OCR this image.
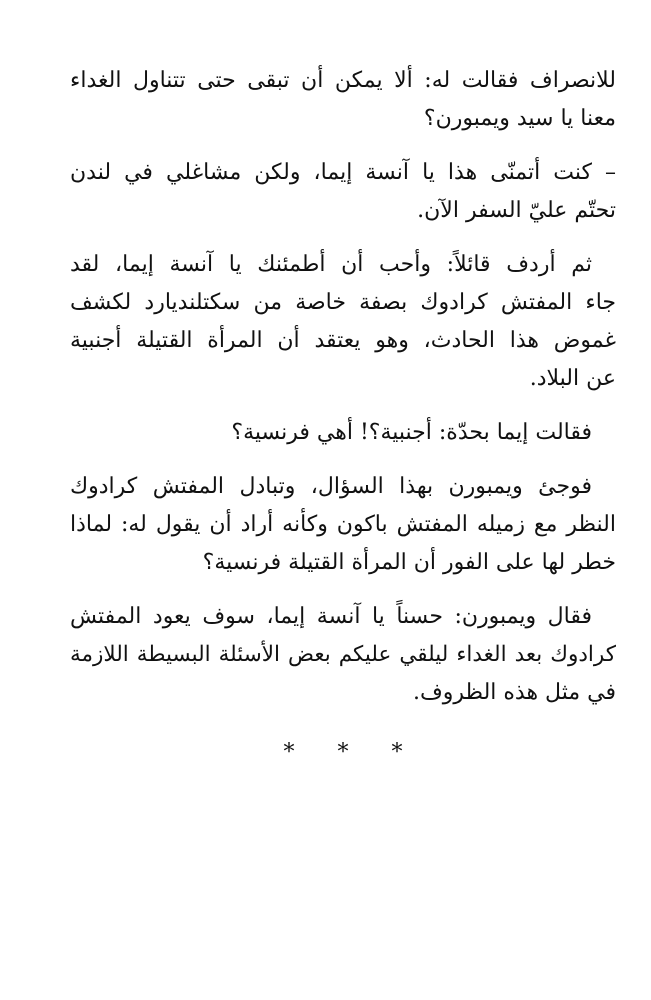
للانصراف فقالت له: ألا يمكن أن تبقى حتى تتناول الغداء
معنا يا سيد ويمبورن؟

– كنت أتمنّى هذا يا آنسة إيما، ولكن مشاغلي في لندن
تحتّم عليّ السفر الآن.

ثم أردف قائلاً: وأحب أن أطمئنك يا آنسة إيما، لقد
جاء المفتش كرادوك بصفة خاصة من سكتلنديارد لكشف
غموض هذا الحادث، وهو يعتقد أن المرأة القتيلة أجنبية
عن البلاد.

فقالت إيما بحدّة: أجنبية؟! أهي فرنسية؟

فوجئ ويمبورن بهذا السؤال، وتبادل المفتش كرادوك
النظر مع زميله المفتش باكون وكأنه أراد أن يقول له: لماذا
خطر لها على الفور أن المرأة القتيلة فرنسية؟

فقال ويمبورن: حسناً يا آنسة إيما، سوف يعود المفتش
كرادوك بعد الغداء ليلقي عليكم بعض الأسئلة البسيطة اللازمة
في مثل هذه الظروف.

* * *
